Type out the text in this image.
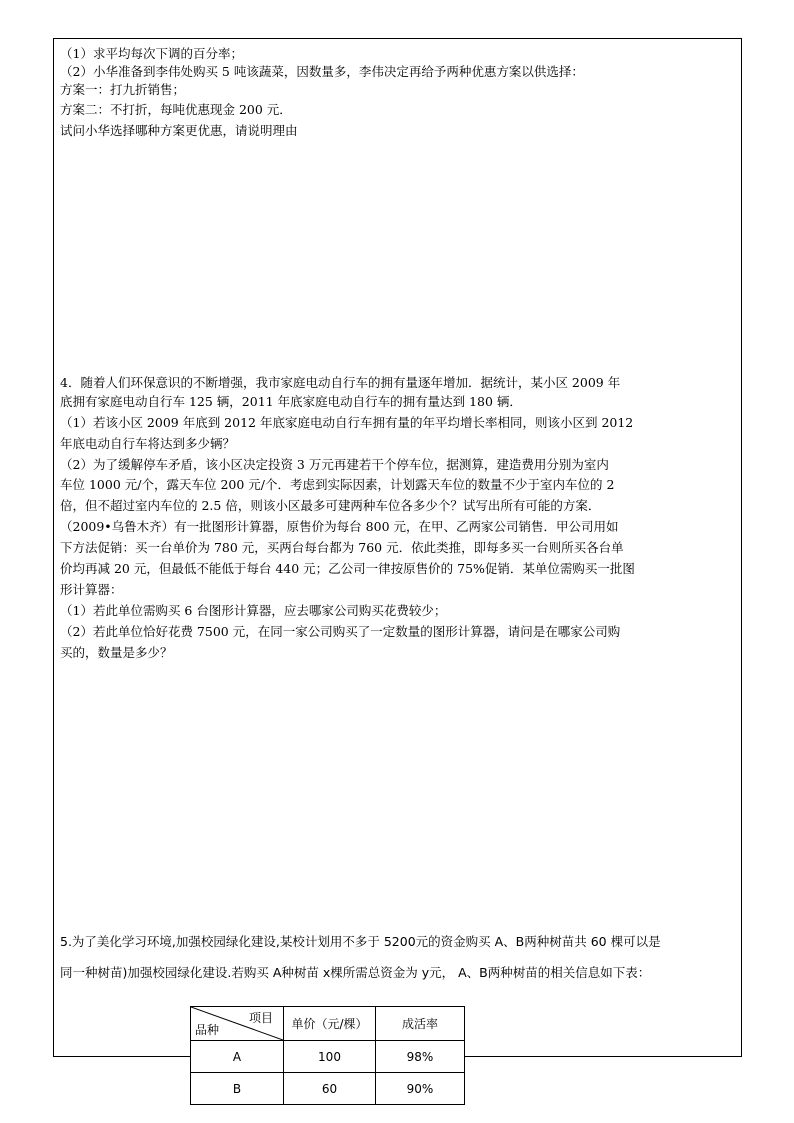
（1）求平均每次下调的百分率；
（2）小华准备到李伟处购买 5 吨该蔬菜，因数量多，李伟决定再给予两种优惠方案以供选择：
方案一：打九折销售；
方案二：不打折，每吨优惠现金 200 元．
试问小华选择哪种方案更优惠，请说明理由
4．随着人们环保意识的不断增强，我市家庭电动自行车的拥有量逐年增加．据统计，某小区 2009 年
底拥有家庭电动自行车 125 辆，2011 年底家庭电动自行车的拥有量达到 180 辆．
（1）若该小区 2009 年底到 2012 年底家庭电动自行车拥有量的年平均增长率相同，则该小区到 2012
年底电动自行车将达到多少辆？
（2）为了缓解停车矛盾，该小区决定投资 3 万元再建若干个停车位，据测算，建造费用分别为室内
车位 1000 元/个，露天车位 200 元/个．考虑到实际因素，计划露天车位的数量不少于室内车位的 2
倍，但不超过室内车位的 2.5 倍，则该小区最多可建两种车位各多少个？试写出所有可能的方案．
（2009•乌鲁木齐）有一批图形计算器，原售价为每台 800 元，在甲、乙两家公司销售．甲公司用如
下方法促销：买一台单价为 780 元，买两台每台都为 760 元．依此类推，即每多买一台则所买各台单
价均再减 20 元，但最低不能低于每台 440 元；乙公司一律按原售价的 75%促销．某单位需购买一批图
形计算器：
（1）若此单位需购买 6 台图形计算器，应去哪家公司购买花费较少；
（2）若此单位恰好花费 7500 元，在同一家公司购买了一定数量的图形计算器，请问是在哪家公司购
买的，数量是多少？
5.为了美化学习环境,加强校园绿化建设,某校计划用不多于 5200元的资金购买 A、B两种树苗共 60 棵可以是
同一种树苗)加强校园绿化建设.若购买 A种树苗 x棵所需总资金为 y元， A、B两种树苗的相关信息如下表：
项目
品种	单价（元/棵）	成活率
A	100	98%
B	60	90%
